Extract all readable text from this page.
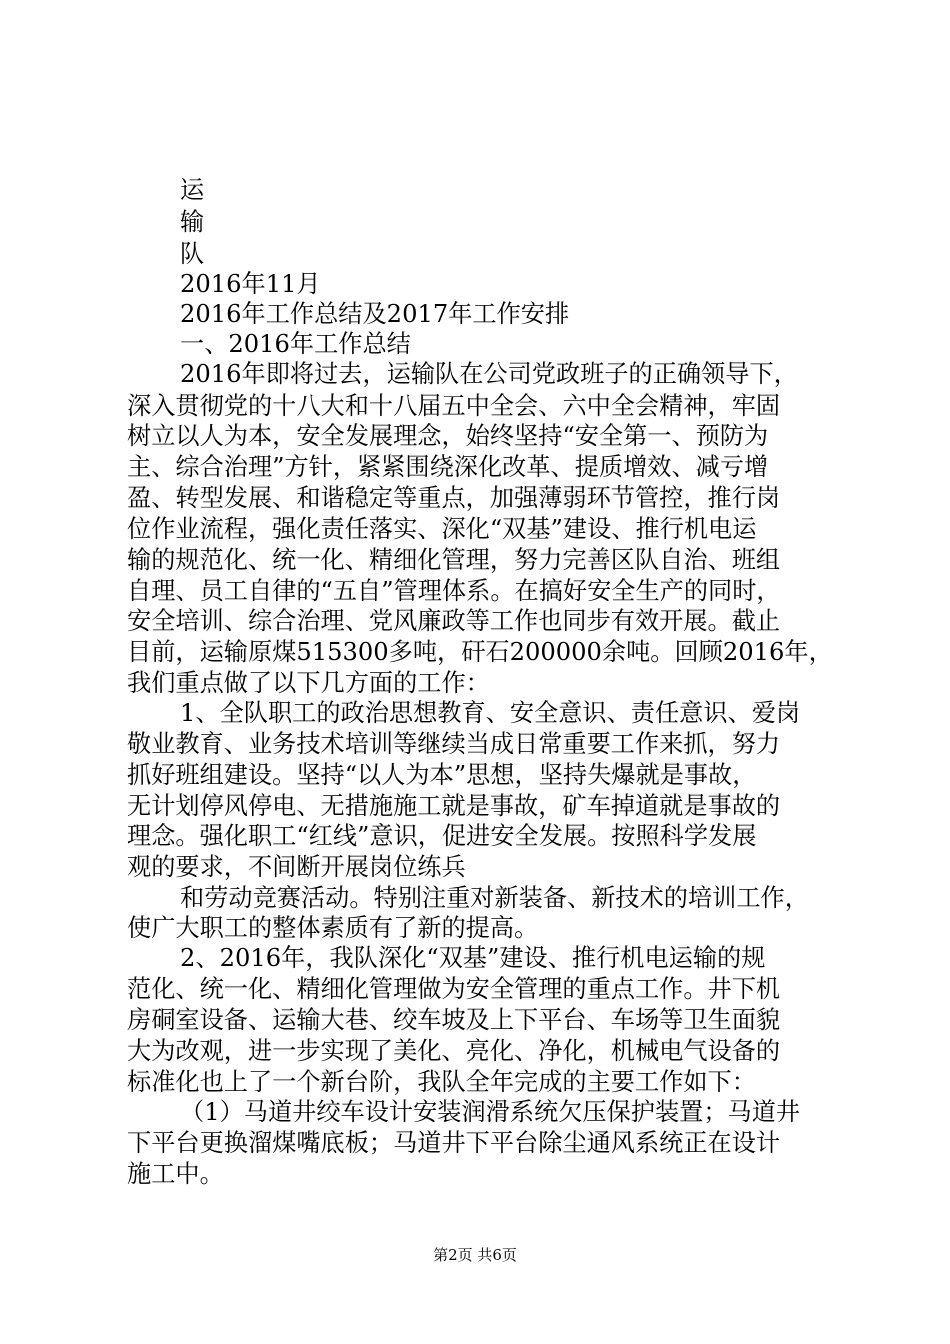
运
输
队
2016年11月
2016年工作总结及2017年工作安排
一、2016年工作总结
2016年即将过去，运输队在公司党政班子的正确领导下，
深入贯彻党的十八大和十八届五中全会、六中全会精神，牢固
树立以人为本，安全发展理念，始终坚持“安全第一、预防为
主、综合治理”方针，紧紧围绕深化改革、提质增效、减亏增
盈、转型发展、和谐稳定等重点，加强薄弱环节管控，推行岗
位作业流程，强化责任落实、深化“双基”建设、推行机电运
输的规范化、统一化、精细化管理，努力完善区队自治、班组
自理、员工自律的“五自”管理体系。在搞好安全生产的同时，
安全培训、综合治理、党风廉政等工作也同步有效开展。截止
目前，运输原煤515300多吨，矸石200000余吨。回顾2016年，
我们重点做了以下几方面的工作：
1、全队职工的政治思想教育、安全意识、责任意识、爱岗
敬业教育、业务技术培训等继续当成日常重要工作来抓，努力
抓好班组建设。坚持“以人为本”思想，坚持失爆就是事故，
无计划停风停电、无措施施工就是事故，矿车掉道就是事故的
理念。强化职工“红线”意识，促进安全发展。按照科学发展
观的要求，不间断开展岗位练兵
和劳动竞赛活动。特别注重对新装备、新技术的培训工作，
使广大职工的整体素质有了新的提高。
2、2016年，我队深化“双基”建设、推行机电运输的规
范化、统一化、精细化管理做为安全管理的重点工作。井下机
房硐室设备、运输大巷、绞车坡及上下平台、车场等卫生面貌
大为改观，进一步实现了美化、亮化、净化，机械电气设备的
标准化也上了一个新台阶，我队全年完成的主要工作如下：
（1）马道井绞车设计安装润滑系统欠压保护装置；马道井
下平台更换溜煤嘴底板；马道井下平台除尘通风系统正在设计
施工中。
第2页 共6页
